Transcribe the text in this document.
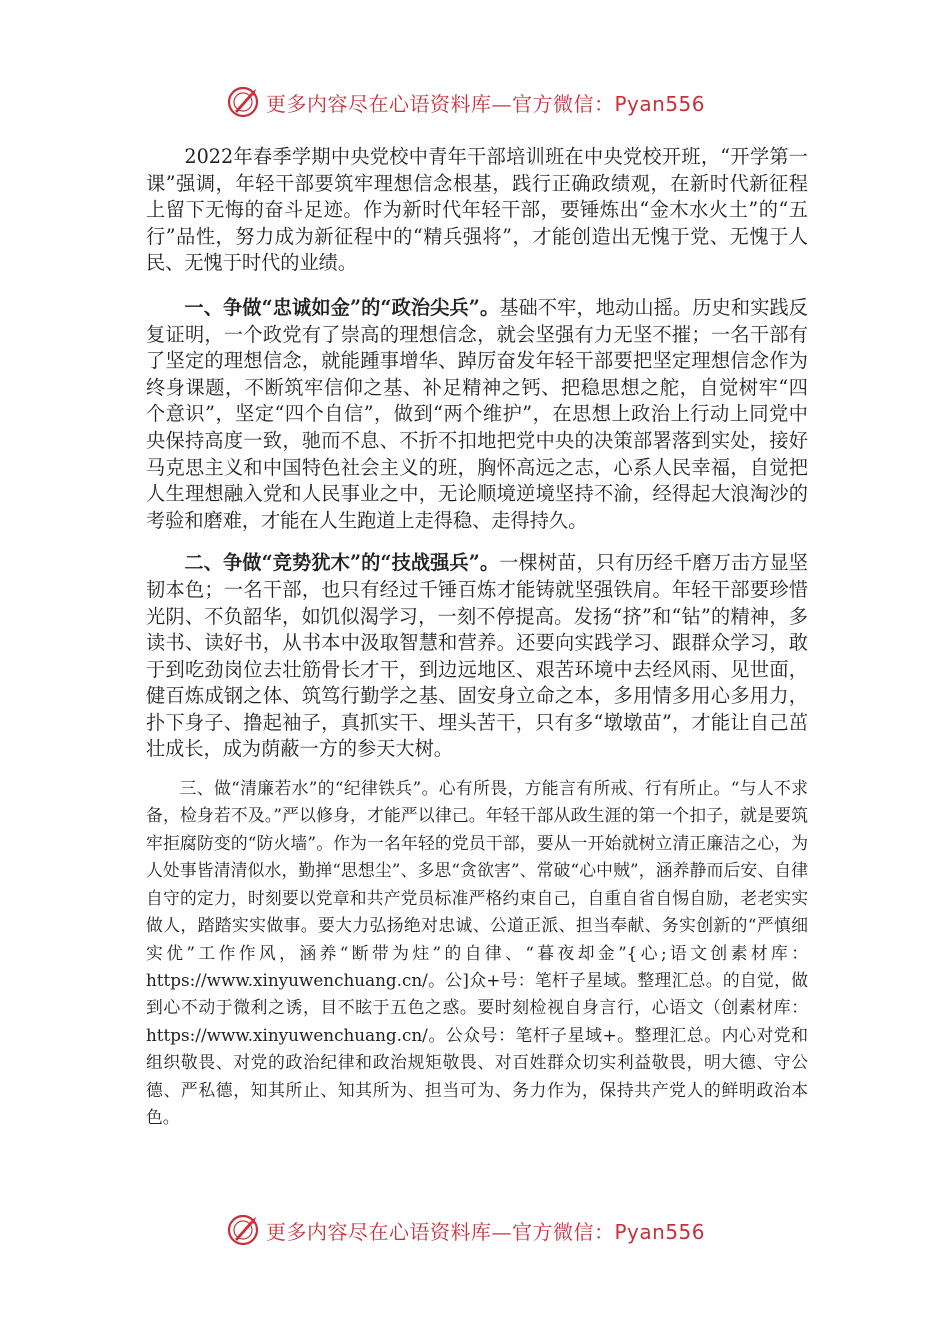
更多内容尽在心语资料库—官方微信：Pyan556

2022年春季学期中央党校中青年干部培训班在中央党校开班，“开学第一课”强调，年轻干部要筑牢理想信念根基，践行正确政绩观，在新时代新征程上留下无悔的奋斗足迹。作为新时代年轻干部，要锤炼出“金木水火土”的“五行”品性，努力成为新征程中的“精兵强将”，才能创造出无愧于党、无愧于人民、无愧于时代的业绩。

一、争做“忠诚如金”的“政治尖兵”。基础不牢，地动山摇。历史和实践反复证明，一个政党有了崇高的理想信念，就会坚强有力无坚不摧；一名干部有了坚定的理想信念，就能踵事增华、踔厉奋发年轻干部要把坚定理想信念作为终身课题，不断筑牢信仰之基、补足精神之钙、把稳思想之舵，自觉树牢“四个意识”，坚定“四个自信”，做到“两个维护”，在思想上政治上行动上同党中央保持高度一致，驰而不息、不折不扣地把党中央的决策部署落到实处，接好马克思主义和中国特色社会主义的班，胸怀高远之志，心系人民幸福，自觉把人生理想融入党和人民事业之中，无论顺境逆境坚持不渝，经得起大浪淘沙的考验和磨难，才能在人生跑道上走得稳、走得持久。

二、争做“竞势犹木”的“技战强兵”。一棵树苗，只有历经千磨万击方显坚韧本色；一名干部，也只有经过千锤百炼才能铸就坚强铁肩。年轻干部要珍惜光阴、不负韶华，如饥似渴学习，一刻不停提高。发扬“挤”和“钻”的精神，多读书、读好书，从书本中汲取智慧和营养。还要向实践学习、跟群众学习，敢于到吃劲岗位去壮筋骨长才干，到边远地区、艰苦环境中去经风雨、见世面，健百炼成钢之体、筑笃行勤学之基、固安身立命之本，多用情多用心多用力，扑下身子、撸起袖子，真抓实干、埋头苦干，只有多“墩墩苗”，才能让自己茁壮成长，成为荫蔽一方的参天大树。

三、做“清廉若水”的“纪律铁兵”。心有所畏，方能言有所戒、行有所止。“与人不求备，检身若不及。”严以修身，才能严以律己。年轻干部从政生涯的第一个扣子，就是要筑牢拒腐防变的“防火墙”。作为一名年轻的党员干部，要从一开始就树立清正廉洁之心，为人处事皆清清似水，勤掸“思想尘”、多思“贪欲害”、常破“心中贼”，涵养静而后安、自律自守的定力，时刻要以党章和共产党员标准严格约束自己，自重自省自惕自励，老老实实做人，踏踏实实做事。要大力弘扬绝对忠诚、公道正派、担当奉献、务实创新的“严慎细实优”工作作风，涵养“断带为炷”的自律、“暮夜却金”{心;语文创素材库：https://www.xinyuwenchuang.cn/。公]众+号：笔杆子星域。整理汇总。的自觉，做到心不动于微利之诱，目不眩于五色之惑。要时刻检视自身言行，心语文（创素材库：https://www.xinyuwenchuang.cn/。公众号：笔杆子星域+。整理汇总。内心对党和组织敬畏、对党的政治纪律和政治规矩敬畏、对百姓群众切实利益敬畏，明大德、守公德、严私德，知其所止、知其所为、担当可为、务力作为，保持共产党人的鲜明政治本色。

更多内容尽在心语资料库—官方微信：Pyan556
